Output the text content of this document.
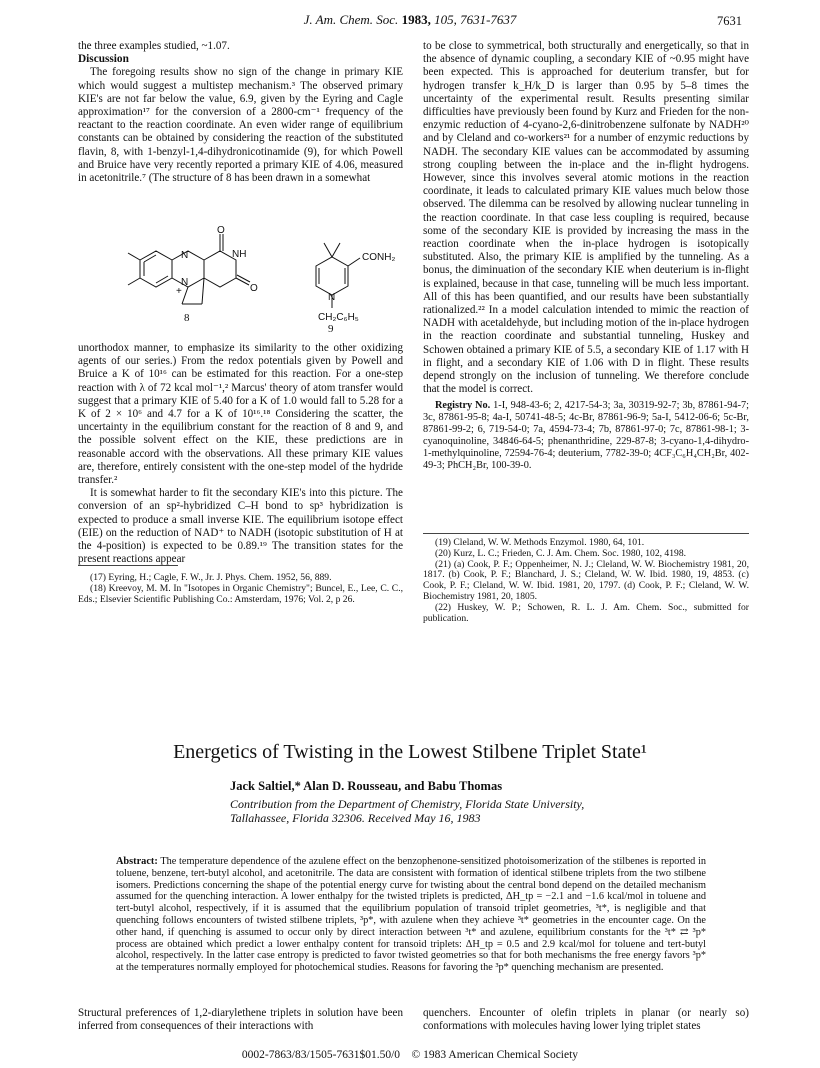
J. Am. Chem. Soc. 1983, 105, 7631-7637	7631

the three examples studied, ~1.07.

Discussion

The foregoing results show no sign of the change in primary KIE which would suggest a multistep mechanism.³ The observed primary KIE's are not far below the value, 6.9, given by the Eyring and Cagle approximation¹⁷ for the conversion of a 2800-cm⁻¹ frequency of the reactant to the reaction coordinate. An even wider range of equilibrium constants can be obtained by considering the reaction of the substituted flavin, 8, with 1-benzyl-1,4-dihydronicotinamide (9), for which Powell and Bruice have very recently reported a primary KIE of 4.06, measured in acetonitrile.⁷ (The structure of 8 has been drawn in a somewhat

N
N
NH
O
O
+
CONH₂
N
CH₂C₆H₅
8
9

unorthodox manner, to emphasize its similarity to the other oxidizing agents of our series.) From the redox potentials given by Powell and Bruice a K of 10¹⁶ can be estimated for this reaction. For a one-step reaction with λ of 72 kcal mol⁻¹,² Marcus' theory of atom transfer would suggest that a primary KIE of 5.40 for a K of 1.0 would fall to 5.28 for a K of 2 × 10⁶ and 4.7 for a K of 10¹⁶.¹⁸ Considering the scatter, the uncertainty in the equilibrium constant for the reaction of 8 and 9, and the possible solvent effect on the KIE, these predictions are in reasonable accord with the observations. All these primary KIE values are, therefore, entirely consistent with the one-step model of the hydride transfer.²

It is somewhat harder to fit the secondary KIE's into this picture. The conversion of an sp²-hybridized C–H bond to sp³ hybridization is expected to produce a small inverse KIE. The equilibrium isotope effect (EIE) on the reduction of NAD⁺ to NADH (isotopic substitution of H at the 4-position) is expected to be 0.89.¹⁹ The transition states for the present reactions appear

(17) Eyring, H.; Cagle, F. W., Jr. J. Phys. Chem. 1952, 56, 889.

(18) Kreevoy, M. M. In "Isotopes in Organic Chemistry"; Buncel, E., Lee, C. C., Eds.; Elsevier Scientific Publishing Co.: Amsterdam, 1976; Vol. 2, p 26.

to be close to symmetrical, both structurally and energetically, so that in the absence of dynamic coupling, a secondary KIE of ~0.95 might have been expected. This is approached for deuterium transfer, but for hydrogen transfer k_H/k_D is larger than 0.95 by 5–8 times the uncertainty of the experimental result. Results presenting similar difficulties have previously been found by Kurz and Frieden for the non-enzymic reduction of 4-cyano-2,6-dinitrobenzene sulfonate by NADH²⁰ and by Cleland and co-workers²¹ for a number of enzymic reductions by NADH. The secondary KIE values can be accommodated by assuming strong coupling between the in-place and the in-flight hydrogens. However, since this involves several atomic motions in the reaction coordinate, it leads to calculated primary KIE values much below those observed. The dilemma can be resolved by allowing nuclear tunneling in the reaction coordinate. In that case less coupling is required, because some of the secondary KIE is provided by increasing the mass in the reaction coordinate when the in-place hydrogen is isotopically substituted. Also, the primary KIE is amplified by the tunneling. As a bonus, the diminuation of the secondary KIE when deuterium is in-flight is explained, because in that case, tunneling will be much less important. All of this has been quantified, and our results have been substantially rationalized.²² In a model calculation intended to mimic the reaction of NADH with acetaldehyde, but including motion of the in-place hydrogen in the reaction coordinate and substantial tunneling, Huskey and Schowen obtained a primary KIE of 5.5, a secondary KIE of 1.17 with H in flight, and a secondary KIE of 1.06 with D in flight. These results depend strongly on the inclusion of tunneling. We therefore conclude that the model is correct.

Registry No. 1-I, 948-43-6; 2, 4217-54-3; 3a, 30319-92-7; 3b, 87861-94-7; 3c, 87861-95-8; 4a-I, 50741-48-5; 4c-Br, 87861-96-9; 5a-I, 5412-06-6; 5c-Br, 87861-99-2; 6, 719-54-0; 7a, 4594-73-4; 7b, 87861-97-0; 7c, 87861-98-1; 3-cyanoquinoline, 34846-64-5; phenanthridine, 229-87-8; 3-cyano-1,4-dihydro-1-methylquinoline, 72594-76-4; deuterium, 7782-39-0; 4CF₃C₆H₄CH₂Br, 402-49-3; PhCH₂Br, 100-39-0.

(19) Cleland, W. W. Methods Enzymol. 1980, 64, 101.

(20) Kurz, L. C.; Frieden, C. J. Am. Chem. Soc. 1980, 102, 4198.

(21) (a) Cook, P. F.; Oppenheimer, N. J.; Cleland, W. W. Biochemistry 1981, 20, 1817. (b) Cook, P. F.; Blanchard, J. S.; Cleland, W. W. Ibid. 1980, 19, 4853. (c) Cook, P. F.; Cleland, W. W. Ibid. 1981, 20, 1797. (d) Cook, P. F.; Cleland, W. W. Biochemistry 1981, 20, 1805.

(22) Huskey, W. P.; Schowen, R. L. J. Am. Chem. Soc., submitted for publication.

Energetics of Twisting in the Lowest Stilbene Triplet State¹
Jack Saltiel,* Alan D. Rousseau, and Babu Thomas
Contribution from the Department of Chemistry, Florida State University,
Tallahassee, Florida 32306. Received May 16, 1983
Abstract: The temperature dependence of the azulene effect on the benzophenone-sensitized photoisomerization of the stilbenes is reported in toluene, benzene, tert-butyl alcohol, and acetonitrile. The data are consistent with formation of identical stilbene triplets from the two stilbene isomers. Predictions concerning the shape of the potential energy curve for twisting about the central bond depend on the detailed mechanism assumed for the quenching interaction. A lower enthalpy for the twisted triplets is predicted, ΔH_tp = −2.1 and −1.6 kcal/mol in toluene and tert-butyl alcohol, respectively, if it is assumed that the equilibrium population of transoid triplet geometries, ³t*, is negligible and that quenching follows encounters of twisted stilbene triplets, ³p*, with azulene when they achieve ³t* geometries in the encounter cage. On the other hand, if quenching is assumed to occur only by direct interaction between ³t* and azulene, equilibrium constants for the ³t* ⇄ ³p* process are obtained which predict a lower enthalpy content for transoid triplets: ΔH_tp = 0.5 and 2.9 kcal/mol for toluene and tert-butyl alcohol, respectively. In the latter case entropy is predicted to favor twisted geometries so that for both mechanisms the free energy favors ³p* at the temperatures normally employed for photochemical studies. Reasons for favoring the ³p* quenching mechanism are presented.
Structural preferences of 1,2-diarylethene triplets in solution have been inferred from consequences of their interactions with
quenchers. Encounter of olefin triplets in planar (or nearly so) conformations with molecules having lower lying triplet states
0002-7863/83/1505-7631$01.50/0 © 1983 American Chemical Society
